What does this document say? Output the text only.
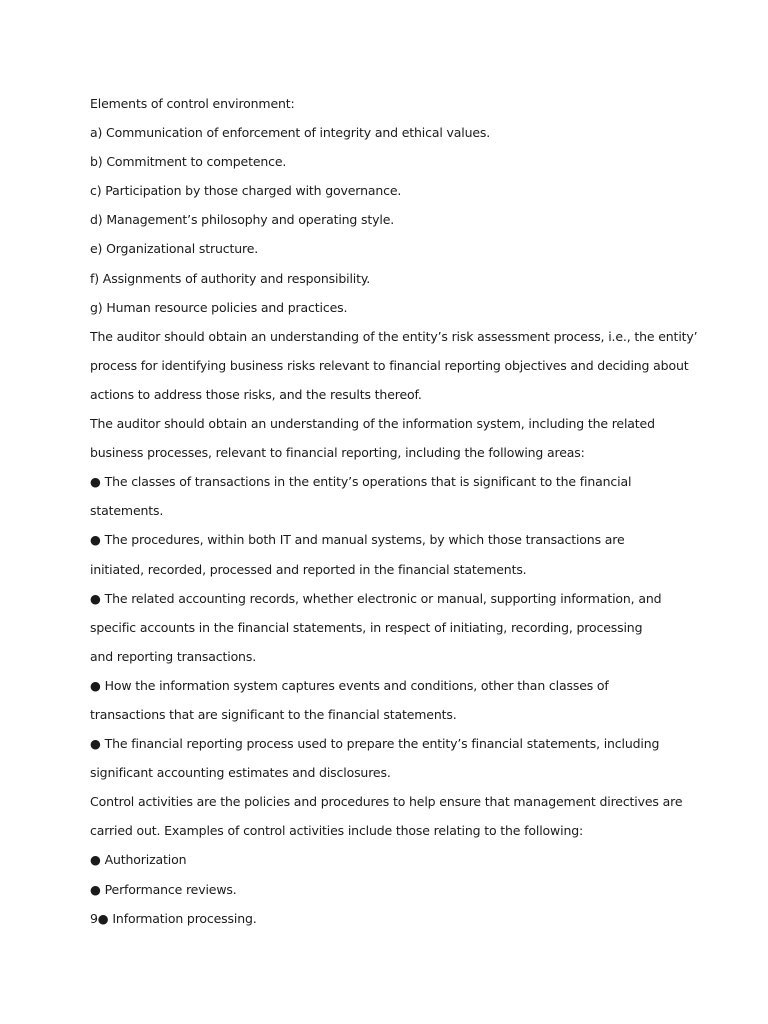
Elements of control environment:
a) Communication of enforcement of integrity and ethical values.
b) Commitment to competence.
c) Participation by those charged with governance.
d) Management’s philosophy and operating style.
e) Organizational structure.
f) Assignments of authority and responsibility.
g) Human resource policies and practices.
The auditor should obtain an understanding of the entity’s risk assessment process, i.e., the entity’
process for identifying business risks relevant to financial reporting objectives and deciding about
actions to address those risks, and the results thereof.
The auditor should obtain an understanding of the information system, including the related
business processes, relevant to financial reporting, including the following areas:
● The classes of transactions in the entity’s operations that is significant to the financial
statements.
● The procedures, within both IT and manual systems, by which those transactions are
initiated, recorded, processed and reported in the financial statements.
● The related accounting records, whether electronic or manual, supporting information, and
specific accounts in the financial statements, in respect of initiating, recording, processing
and reporting transactions.
● How the information system captures events and conditions, other than classes of
transactions that are significant to the financial statements.
● The financial reporting process used to prepare the entity’s financial statements, including
significant accounting estimates and disclosures.
Control activities are the policies and procedures to help ensure that management directives are
carried out. Examples of control activities include those relating to the following:
● Authorization
● Performance reviews.
9● Information processing.
